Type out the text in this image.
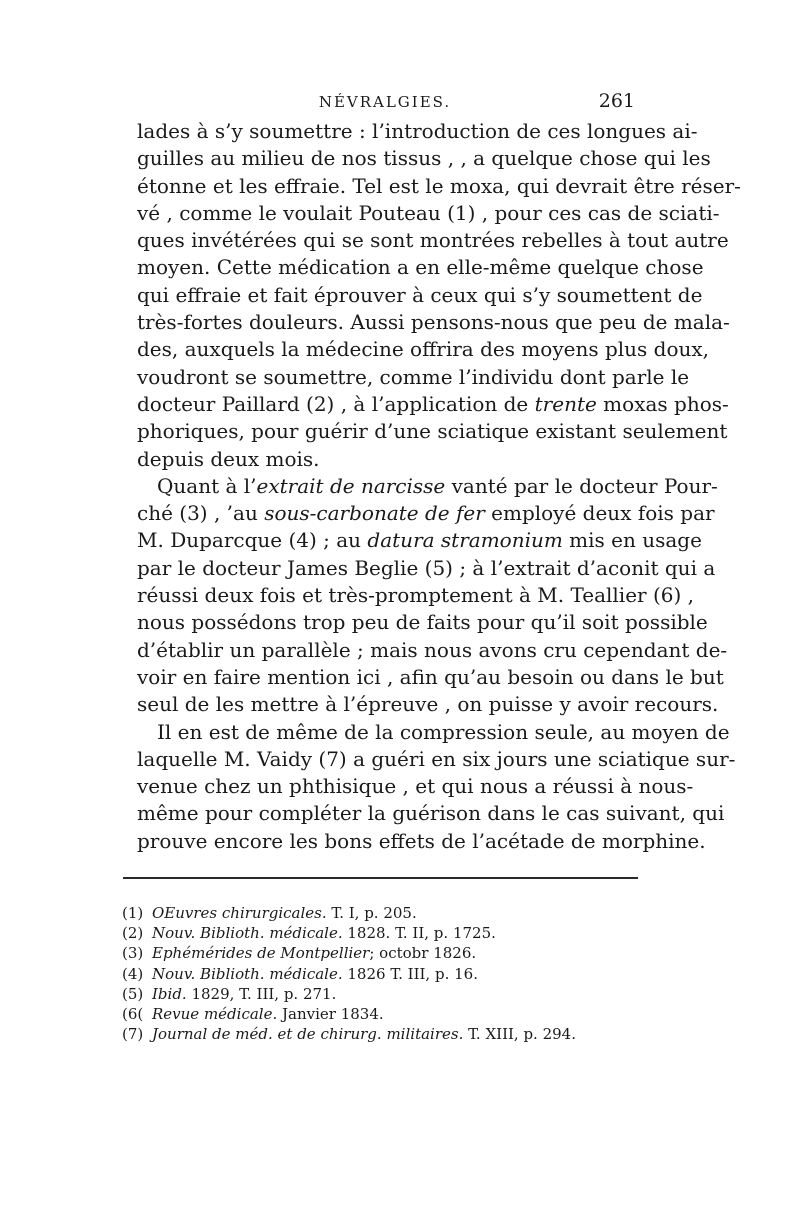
NÉVRALGIES.	261
lades à s’y soumettre : l’introduction de ces longues ai-
guilles au milieu de nos tissus , , a quelque chose qui les
étonne et les effraie. Tel est le moxa, qui devrait être réser-
vé , comme le voulait Pouteau (1) , pour ces cas de sciati-
ques invétérées qui se sont montrées rebelles à tout autre
moyen. Cette médication a en elle-même quelque chose
qui effraie et fait éprouver à ceux qui s’y soumettent de
très-fortes douleurs. Aussi pensons-nous que peu de mala-
des, auxquels la médecine offrira des moyens plus doux,
voudront se soumettre, comme l’individu dont parle le
docteur Paillard (2) , à l’application de trente moxas phos-
phoriques, pour guérir d’une sciatique existant seulement
depuis deux mois.
Quant à l’extrait de narcisse vanté par le docteur Pour-
ché (3) , ’au sous-carbonate de fer employé deux fois par
M. Duparcque (4) ; au datura stramonium mis en usage
par le docteur James Beglie (5) ; à l’extrait d’aconit qui a
réussi deux fois et très-promptement à M. Teallier (6) ,
nous possédons trop peu de faits pour qu’il soit possible
d’établir un parallèle ; mais nous avons cru cependant de-
voir en faire mention ici , afin qu’au besoin ou dans le but
seul de les mettre à l’épreuve , on puisse y avoir recours.
Il en est de même de la compression seule, au moyen de
laquelle M. Vaidy (7) a guéri en six jours une sciatique sur-
venue chez un phthisique , et qui nous a réussi à nous-
même pour compléter la guérison dans le cas suivant, qui
prouve encore les bons effets de l’acétade de morphine.
(1) OEuvres chirurgicales. T. I, p. 205.
(2) Nouv. Biblioth. médicale. 1828. T. II, p. 1725.
(3) Ephémérides de Montpellier; octobr 1826.
(4) Nouv. Biblioth. médicale. 1826 T. III, p. 16.
(5) Ibid. 1829, T. III, p. 271.
(6( Revue médicale. Janvier 1834.
(7) Journal de méd. et de chirurg. militaires. T. XIII, p. 294.
